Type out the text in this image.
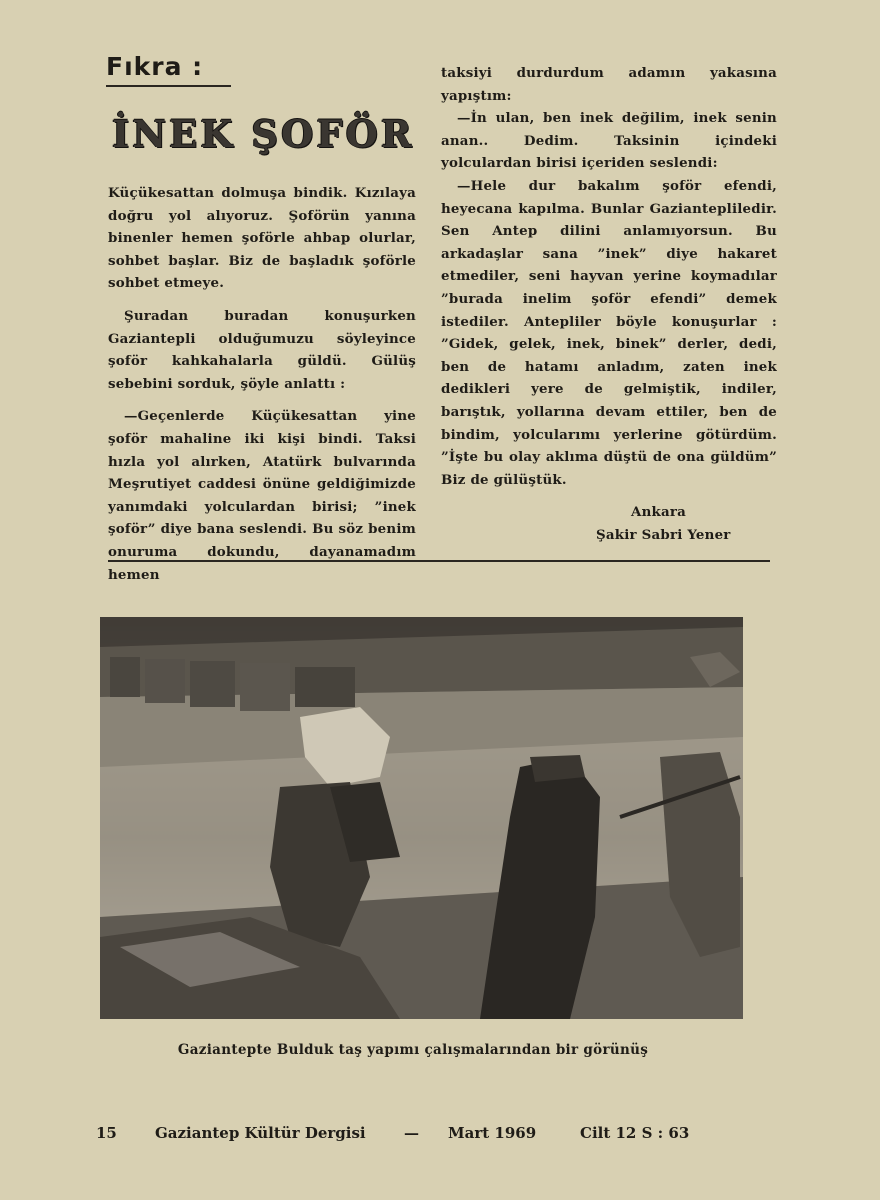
Fıkra :
İNEK ŞOFÖR

Küçükesattan dolmuşa bindik. Kızılaya doğru yol alıyoruz. Şoförün yanına binenler hemen şoförle ahbap olurlar, sohbet başlar. Biz de başladık şoförle sohbet etmeye.

Şuradan buradan konuşurken Gaziantepli olduğumuzu söyleyince şoför kahkahalarla güldü. Gülüş sebebini sorduk, şöyle anlattı :

—Geçenlerde Küçükesattan yine şoför mahaline iki kişi bindi. Taksi hızla yol alırken, Atatürk bulvarında Meşrutiyet caddesi önüne geldiğimizde yanımdaki yolculardan birisi; ”inek şoför” diye bana seslendi. Bu söz benim onuruma dokundu, dayanamadım hemen

taksiyi durdurdum adamın yakasına yapıştım:

—İn ulan, ben inek değilim, inek senin anan.. Dedim. Taksinin içindeki yolculardan birisi içeriden seslendi:

—Hele dur bakalım şoför efendi, heyecana kapılma. Bunlar Gaziantepliledir. Sen Antep dilini anlamıyorsun. Bu arkadaşlar sana ”inek” diye hakaret etmediler, seni hayvan yerine koymadılar ”burada inelim şoför efendi” demek istediler. Antepliler böyle konuşurlar : ”Gidek, gelek, inek, binek” derler, dedi, ben de hatamı anladım, zaten inek dedikleri yere de gelmiştik, indiler, barıştık, yollarına devam ettiler, ben de bindim, yolcularımı yerlerine götürdüm. ”İşte bu olay aklıma düştü de ona güldüm” Biz de gülüştük.

Ankara
Şakir Sabri Yener
Gaziantepte Bulduk taş yapımı çalışmalarından bir görünüş
15	Gaziantep Kültür Dergisi	— Mart 1969	Cilt 12 S : 63
